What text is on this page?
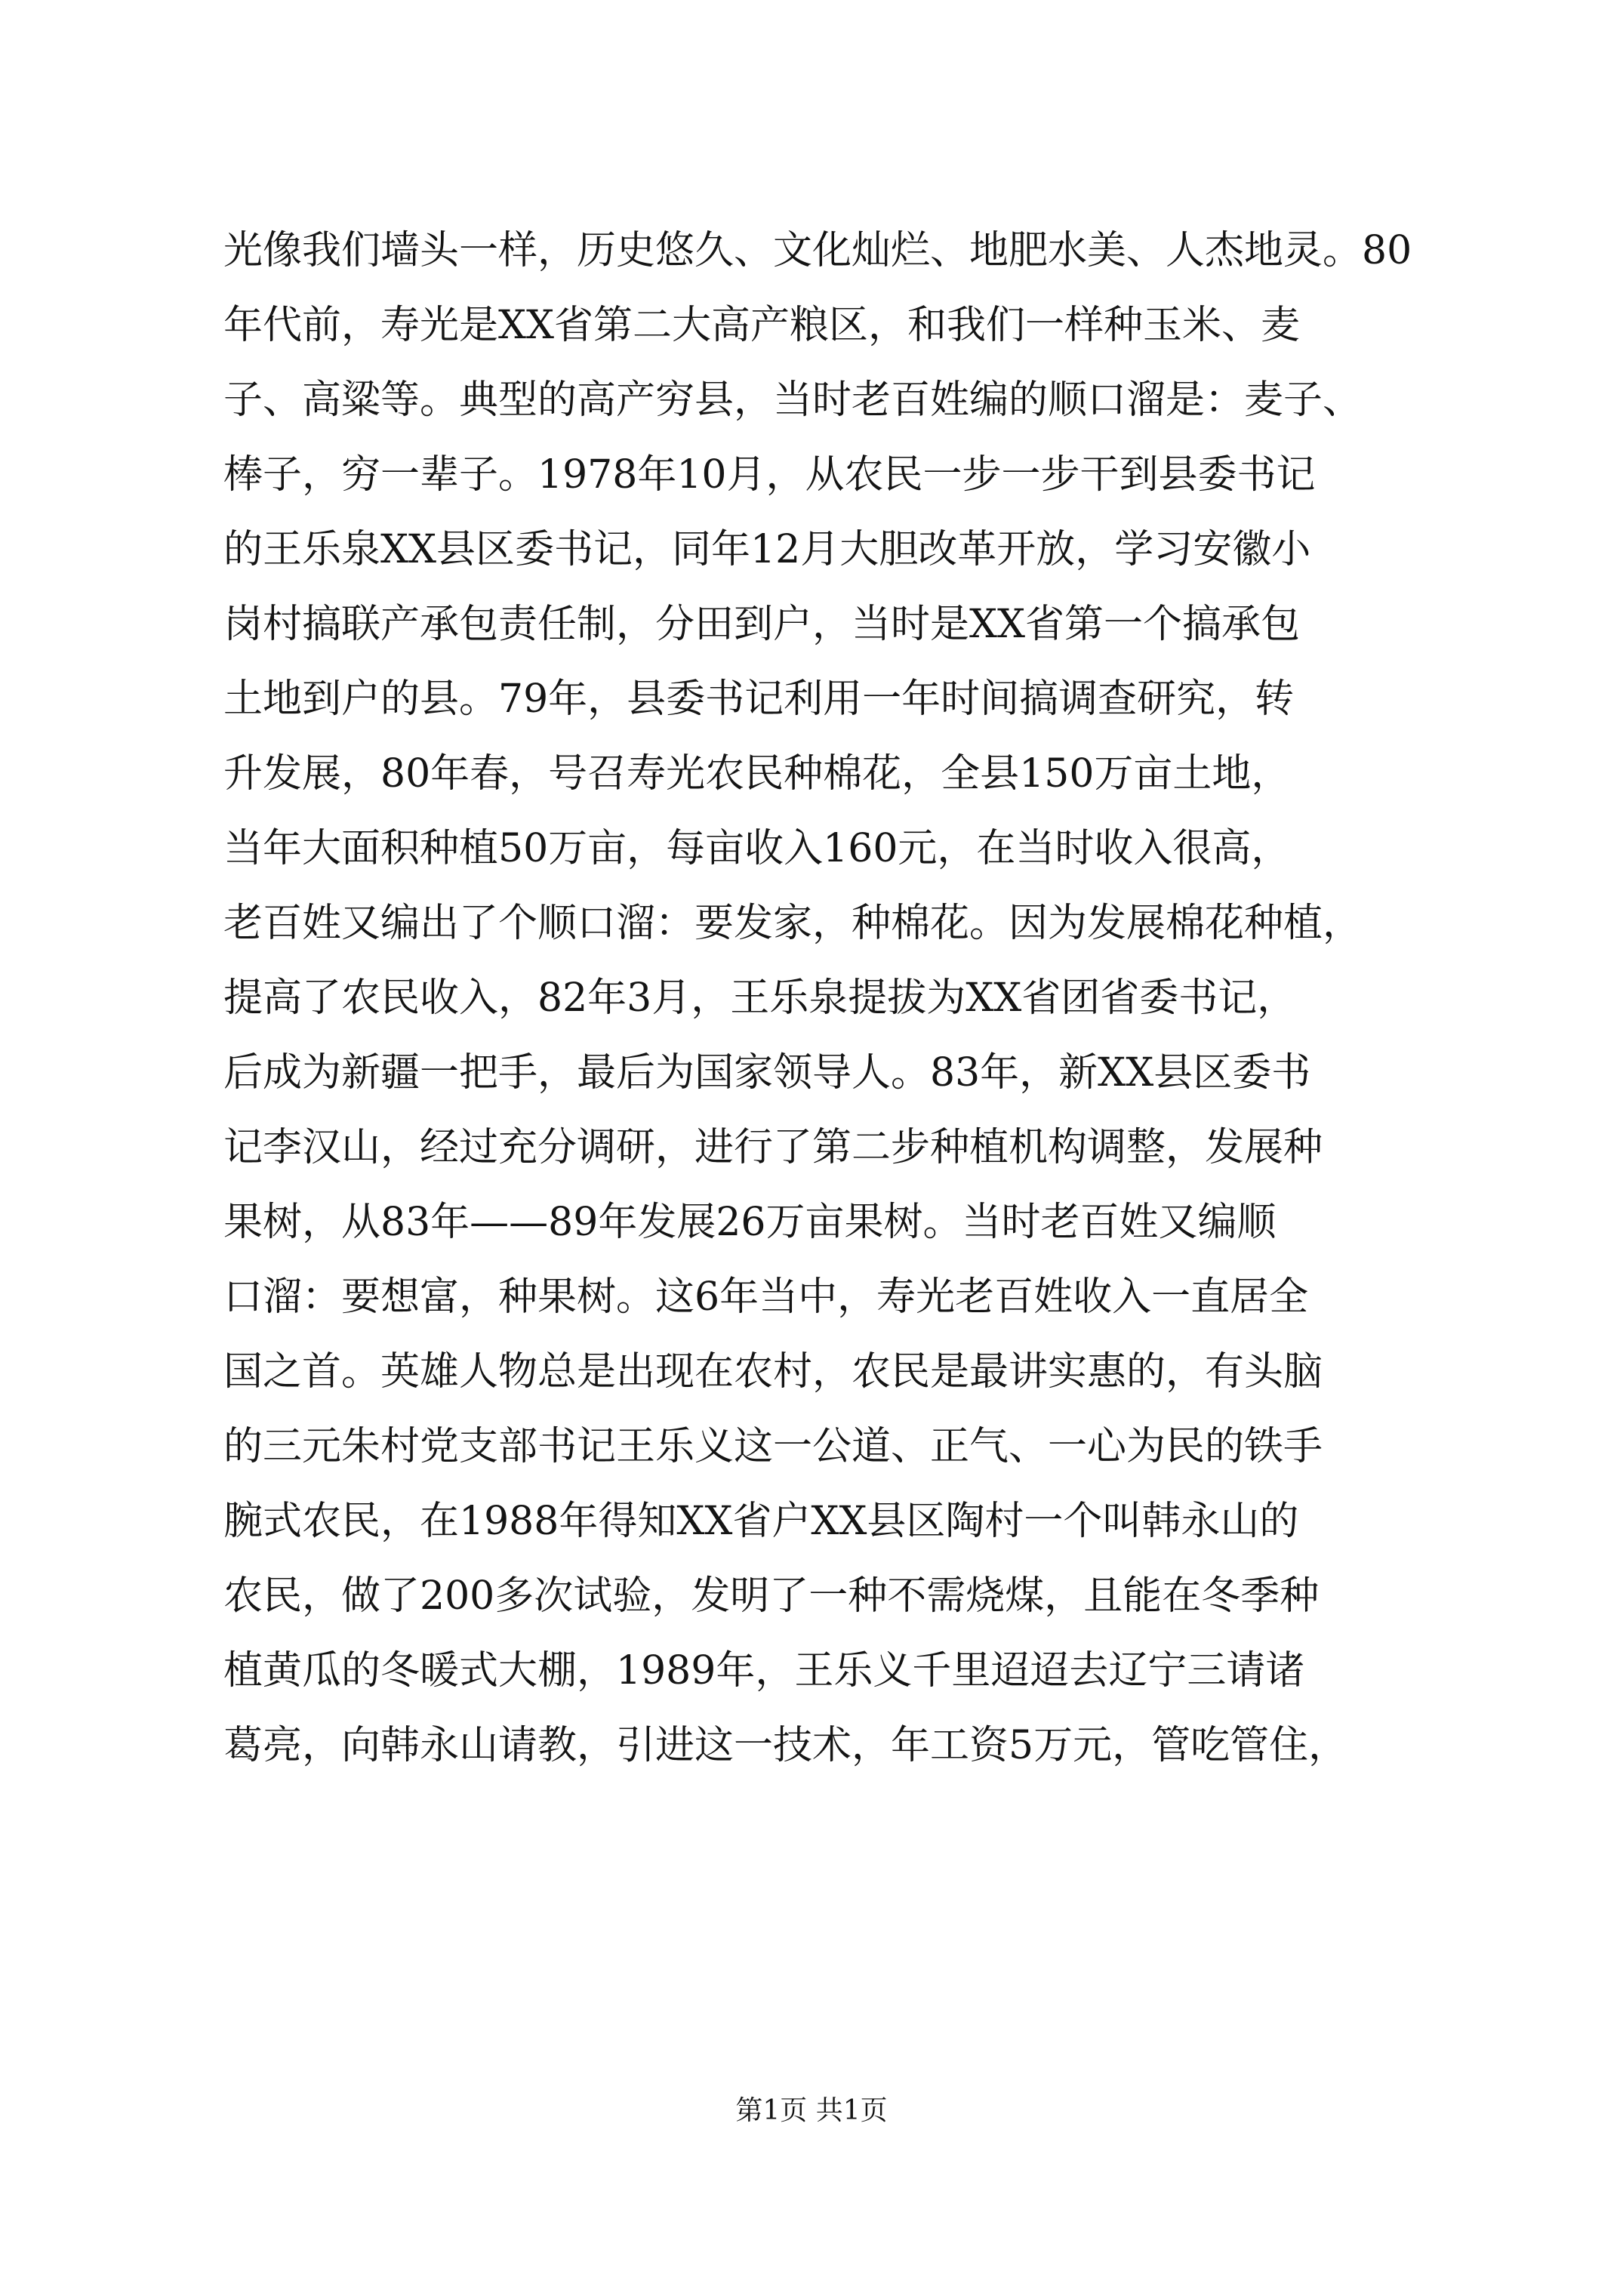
光像我们墙头一样，历史悠久、文化灿烂、地肥水美、人杰地灵。80
年代前，寿光是XX省第二大高产粮区，和我们一样种玉米、麦
子、高粱等。典型的高产穷县，当时老百姓编的顺口溜是：麦子、
棒子，穷一辈子。1978年10月，从农民一步一步干到县委书记
的王乐泉XX县区委书记，同年12月大胆改革开放，学习安徽小
岗村搞联产承包责任制，分田到户，当时是XX省第一个搞承包
土地到户的县。79年，县委书记利用一年时间搞调查研究，转
升发展，80年春，号召寿光农民种棉花，全县150万亩土地，
当年大面积种植50万亩，每亩收入160元，在当时收入很高，
老百姓又编出了个顺口溜：要发家，种棉花。因为发展棉花种植，
提高了农民收入，82年3月，王乐泉提拔为XX省团省委书记，
后成为新疆一把手，最后为国家领导人。83年，新XX县区委书
记李汉山，经过充分调研，进行了第二步种植机构调整，发展种
果树，从83年——89年发展26万亩果树。当时老百姓又编顺
口溜：要想富，种果树。这6年当中，寿光老百姓收入一直居全
国之首。英雄人物总是出现在农村，农民是最讲实惠的，有头脑
的三元朱村党支部书记王乐义这一公道、正气、一心为民的铁手
腕式农民，在1988年得知XX省户XX县区陶村一个叫韩永山的
农民，做了200多次试验，发明了一种不需烧煤，且能在冬季种
植黄瓜的冬暖式大棚，1989年，王乐义千里迢迢去辽宁三请诸
葛亮，向韩永山请教，引进这一技术，年工资5万元，管吃管住，
第1页 共1页
